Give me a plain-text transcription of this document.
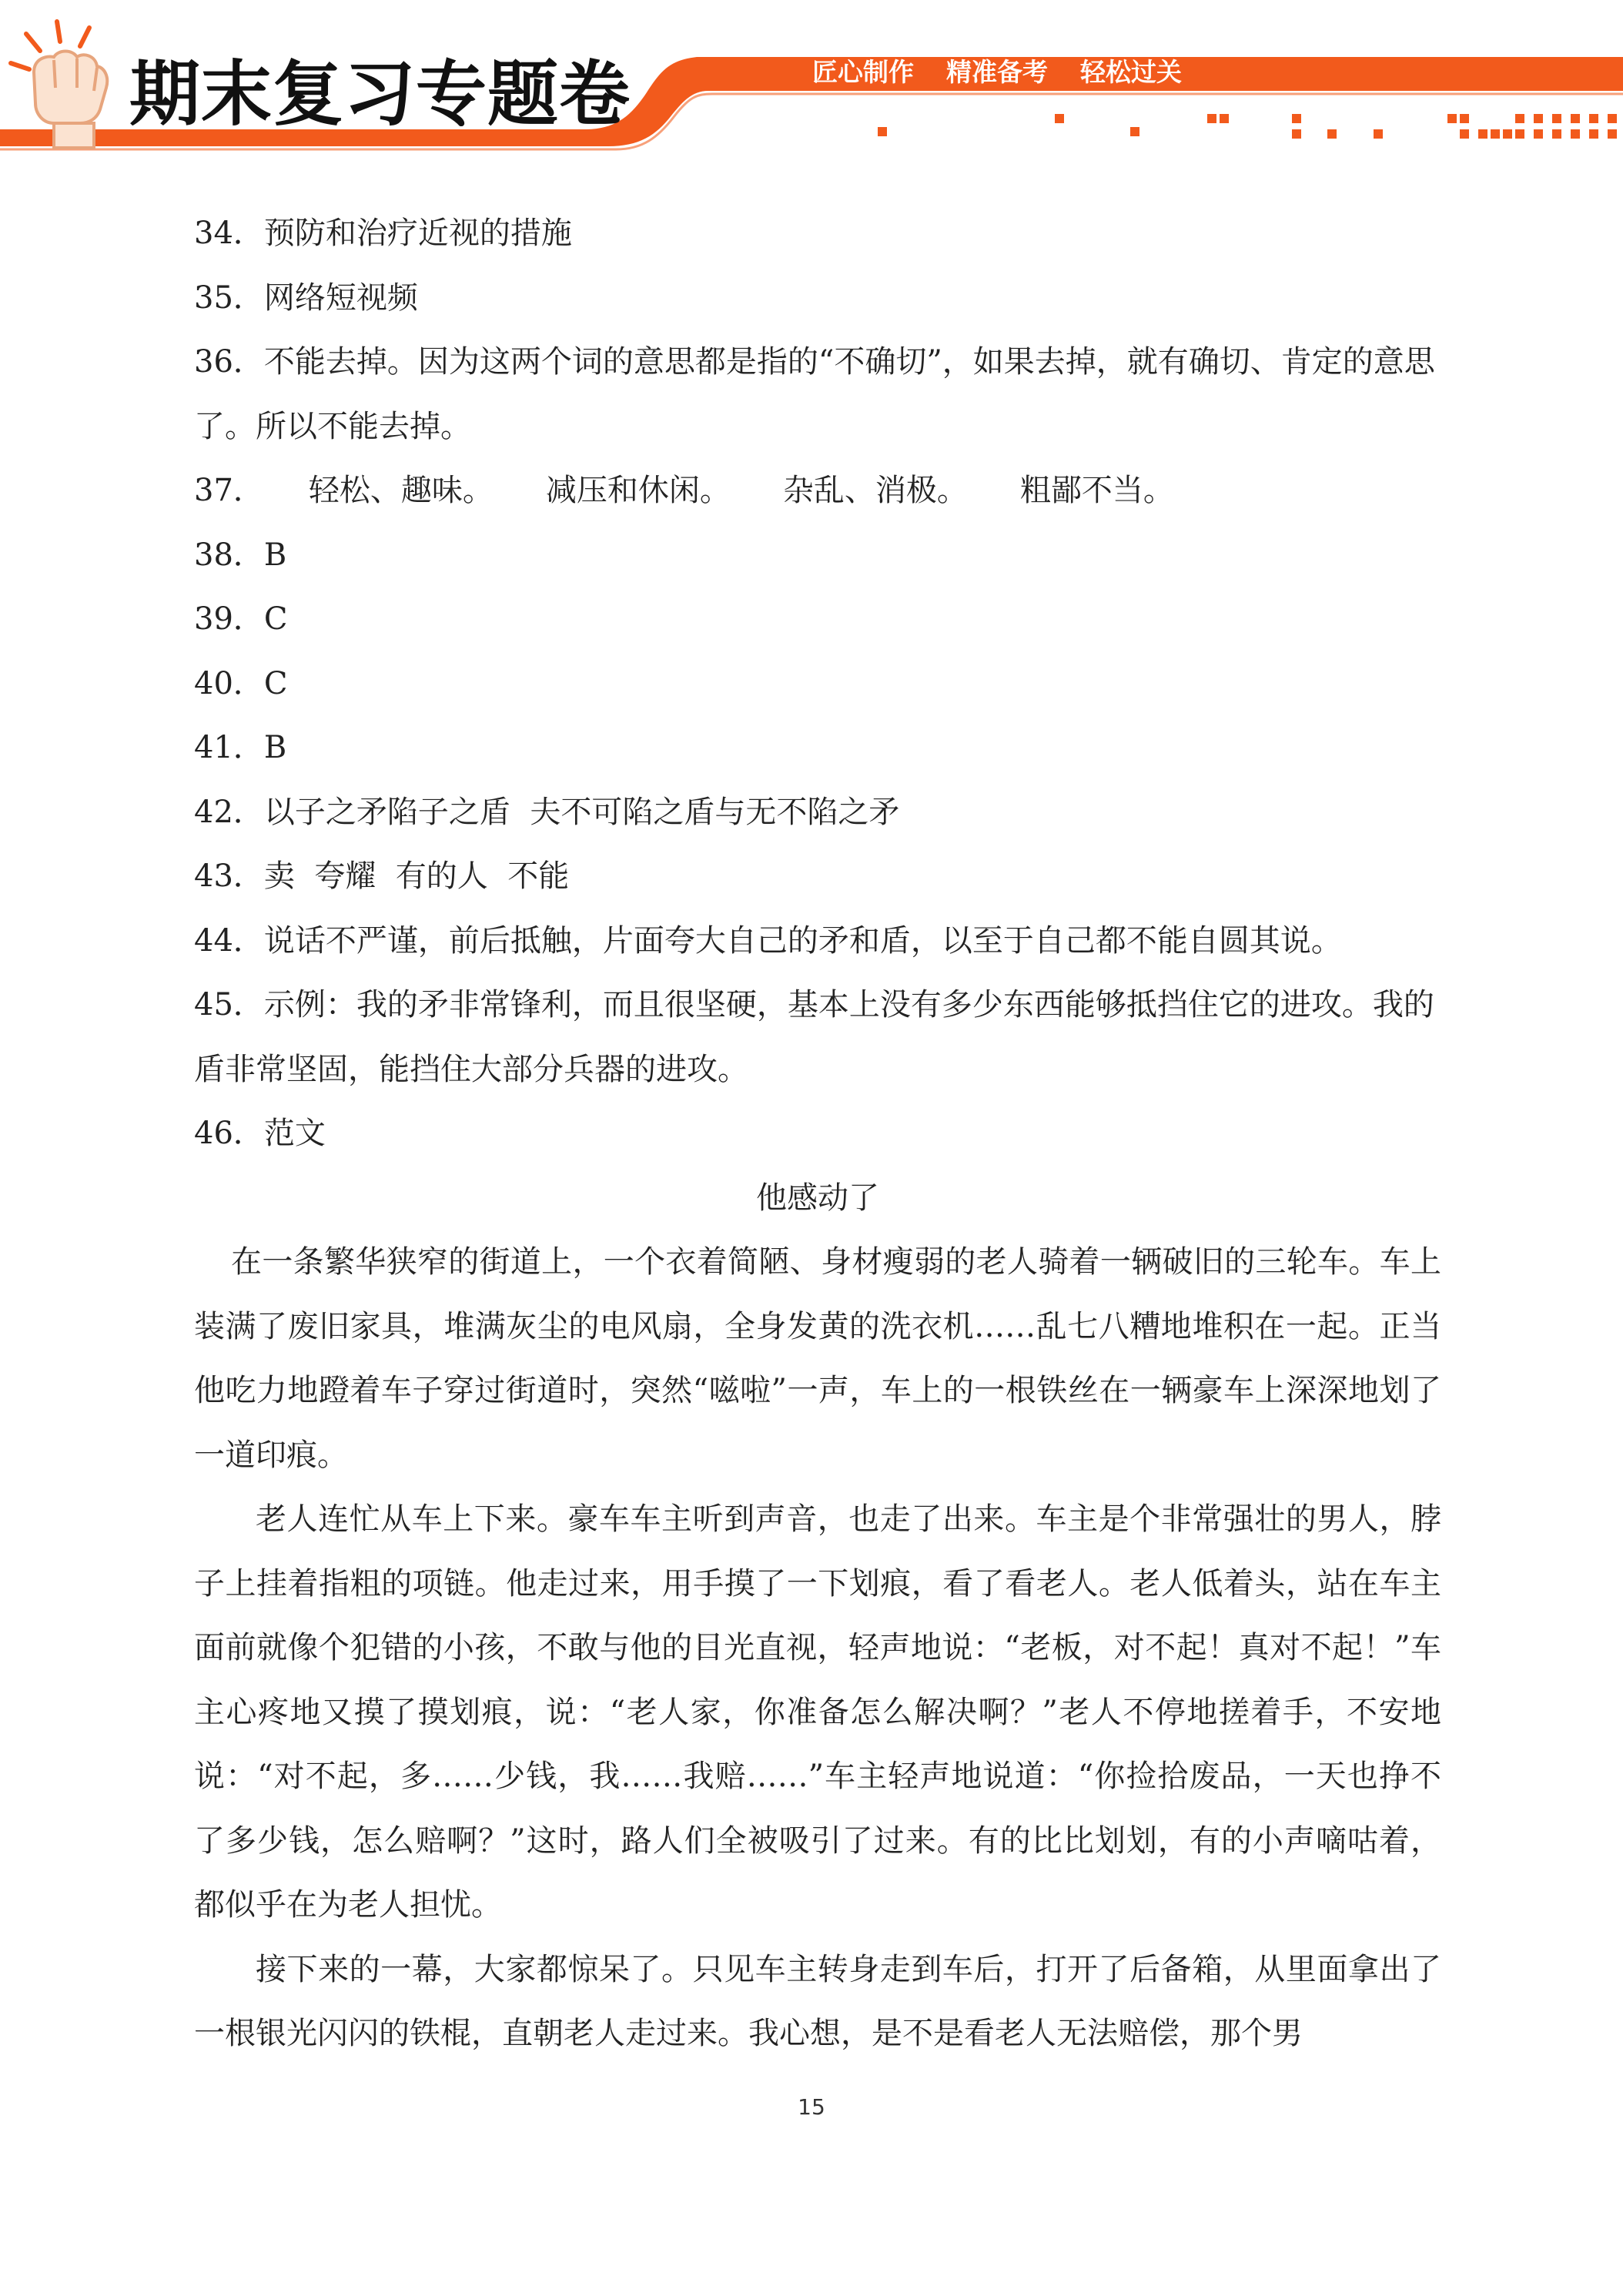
期末复习专题卷	匠心制作 精准备考 轻松过关
34．预防和治疗近视的措施
35．网络短视频
36．不能去掉。因为这两个词的意思都是指的“不确切”，如果去掉，就有确切、肯定的意思了。所以不能去掉。
37． 轻松、趣味。 减压和休闲。 杂乱、消极。 粗鄙不当。
38．B
39．C
40．C
41．B
42．以子之矛陷子之盾  夫不可陷之盾与无不陷之矛
43．卖  夸耀  有的人  不能
44．说话不严谨，前后抵触，片面夸大自己的矛和盾，以至于自己都不能自圆其说。
45．示例：我的矛非常锋利，而且很坚硬，基本上没有多少东西能够抵挡住它的进攻。我的盾非常坚固，能挡住大部分兵器的进攻。
46．范文
他感动了
在一条繁华狭窄的街道上，一个衣着简陋、身材瘦弱的老人骑着一辆破旧的三轮车。车上装满了废旧家具，堆满灰尘的电风扇，全身发黄的洗衣机……乱七八糟地堆积在一起。正当他吃力地蹬着车子穿过街道时，突然“嗞啦”一声，车上的一根铁丝在一辆豪车上深深地划了一道印痕。
老人连忙从车上下来。豪车车主听到声音，也走了出来。车主是个非常强壮的男人，脖子上挂着指粗的项链。他走过来，用手摸了一下划痕，看了看老人。老人低着头，站在车主面前就像个犯错的小孩，不敢与他的目光直视，轻声地说：“老板，对不起！真对不起！”车主心疼地又摸了摸划痕，说：“老人家，你准备怎么解决啊？”老人不停地搓着手，不安地说：“对不起，多……少钱，我……我赔……”车主轻声地说道：“你捡拾废品，一天也挣不了多少钱，怎么赔啊？”这时，路人们全被吸引了过来。有的比比划划，有的小声嘀咕着，都似乎在为老人担忧。
接下来的一幕，大家都惊呆了。只见车主转身走到车后，打开了后备箱，从里面拿出了一根银光闪闪的铁棍，直朝老人走过来。我心想，是不是看老人无法赔偿，那个男
15
